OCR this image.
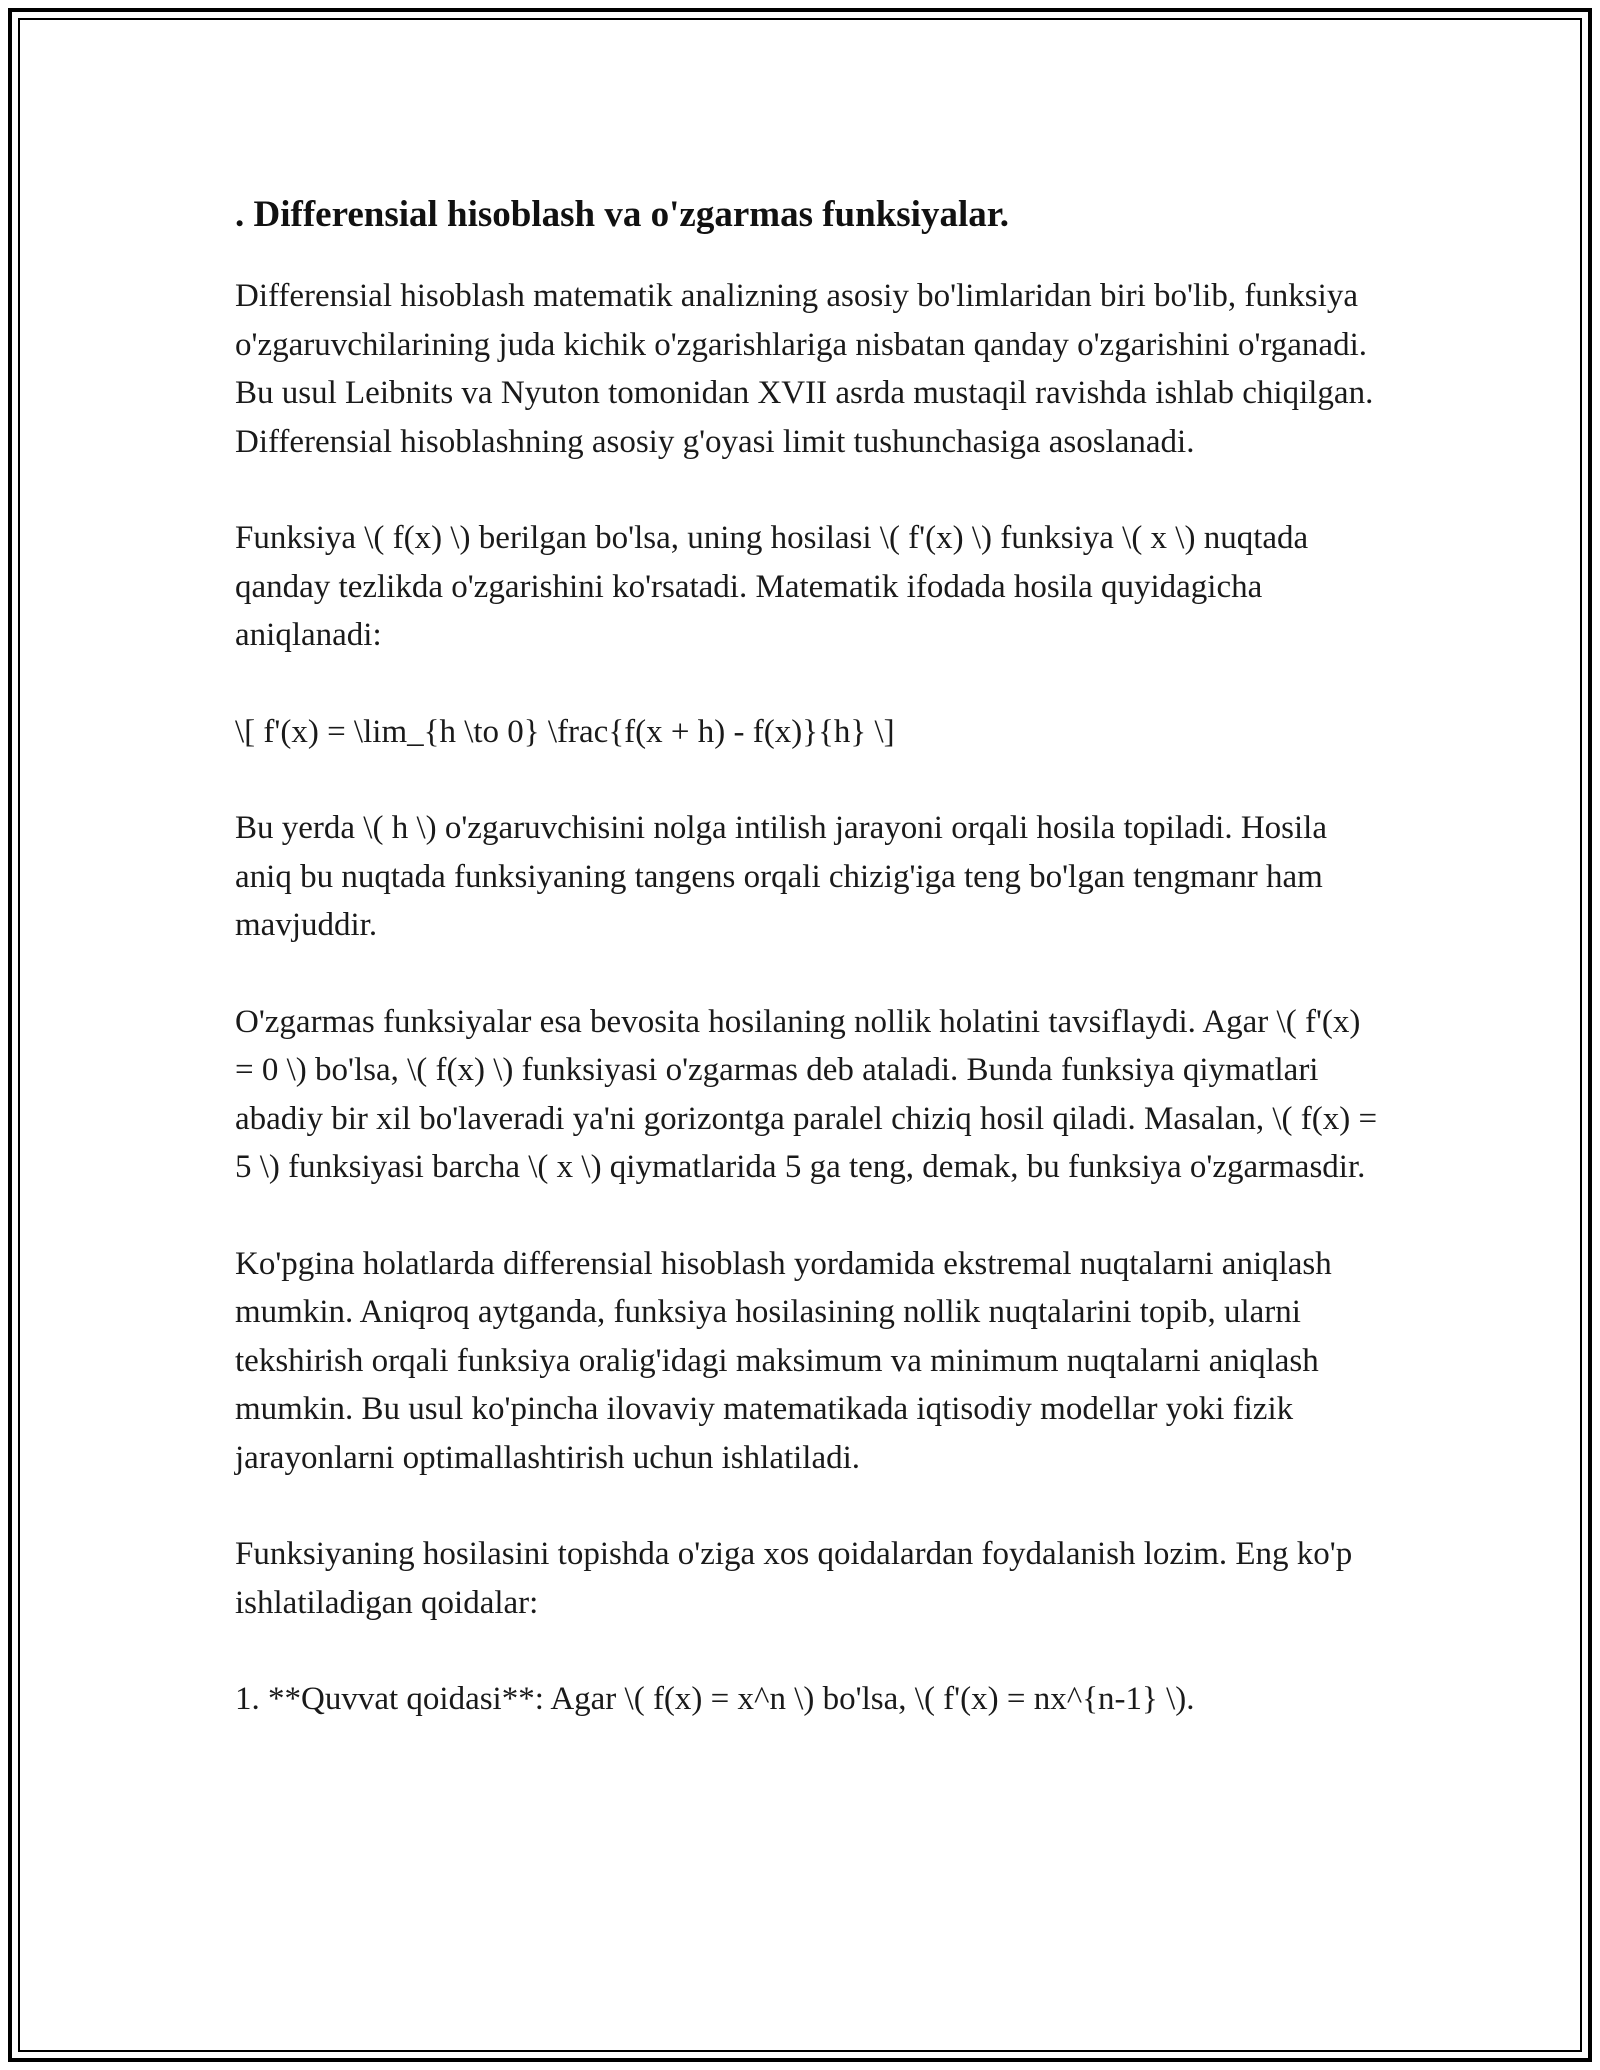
. Differensial hisoblash va o'zgarmas funksiyalar.

Differensial hisoblash matematik analizning asosiy bo'limlaridan biri bo'lib, funksiya o'zgaruvchilarining juda kichik o'zgarishlariga nisbatan qanday o'zgarishini o'rganadi. Bu usul Leibnits va Nyuton tomonidan XVII asrda mustaqil ravishda ishlab chiqilgan. Differensial hisoblashning asosiy g'oyasi limit tushunchasiga asoslanadi.

Funksiya \( f(x) \) berilgan bo'lsa, uning hosilasi \( f'(x) \) funksiya \( x \) nuqtada qanday tezlikda o'zgarishini ko'rsatadi. Matematik ifodada hosila quyidagicha aniqlanadi:

\[ f'(x) = \lim_{h \to 0} \frac{f(x + h) - f(x)}{h} \]

Bu yerda \( h \) o'zgaruvchisini nolga intilish jarayoni orqali hosila topiladi. Hosila aniq bu nuqtada funksiyaning tangens orqali chizig'iga teng bo'lgan tengmanr ham mavjuddir.

O'zgarmas funksiyalar esa bevosita hosilaning nollik holatini tavsiflaydi. Agar \( f'(x) = 0 \) bo'lsa, \( f(x) \) funksiyasi o'zgarmas deb ataladi. Bunda funksiya qiymatlari abadiy bir xil bo'laveradi ya'ni gorizontga paralel chiziq hosil qiladi. Masalan, \( f(x) = 5 \) funksiyasi barcha \( x \) qiymatlarida 5 ga teng, demak, bu funksiya o'zgarmasdir.

Ko'pgina holatlarda differensial hisoblash yordamida ekstremal nuqtalarni aniqlash mumkin. Aniqroq aytganda, funksiya hosilasining nollik nuqtalarini topib, ularni tekshirish orqali funksiya oralig'idagi maksimum va minimum nuqtalarni aniqlash mumkin. Bu usul ko'pincha ilovaviy matematikada iqtisodiy modellar yoki fizik jarayonlarni optimallashtirish uchun ishlatiladi.

Funksiyaning hosilasini topishda o'ziga xos qoidalardan foydalanish lozim. Eng ko'p ishlatiladigan qoidalar:

1. **Quvvat qoidasi**: Agar \( f(x) = x^n \) bo'lsa, \( f'(x) = nx^{n-1} \).
